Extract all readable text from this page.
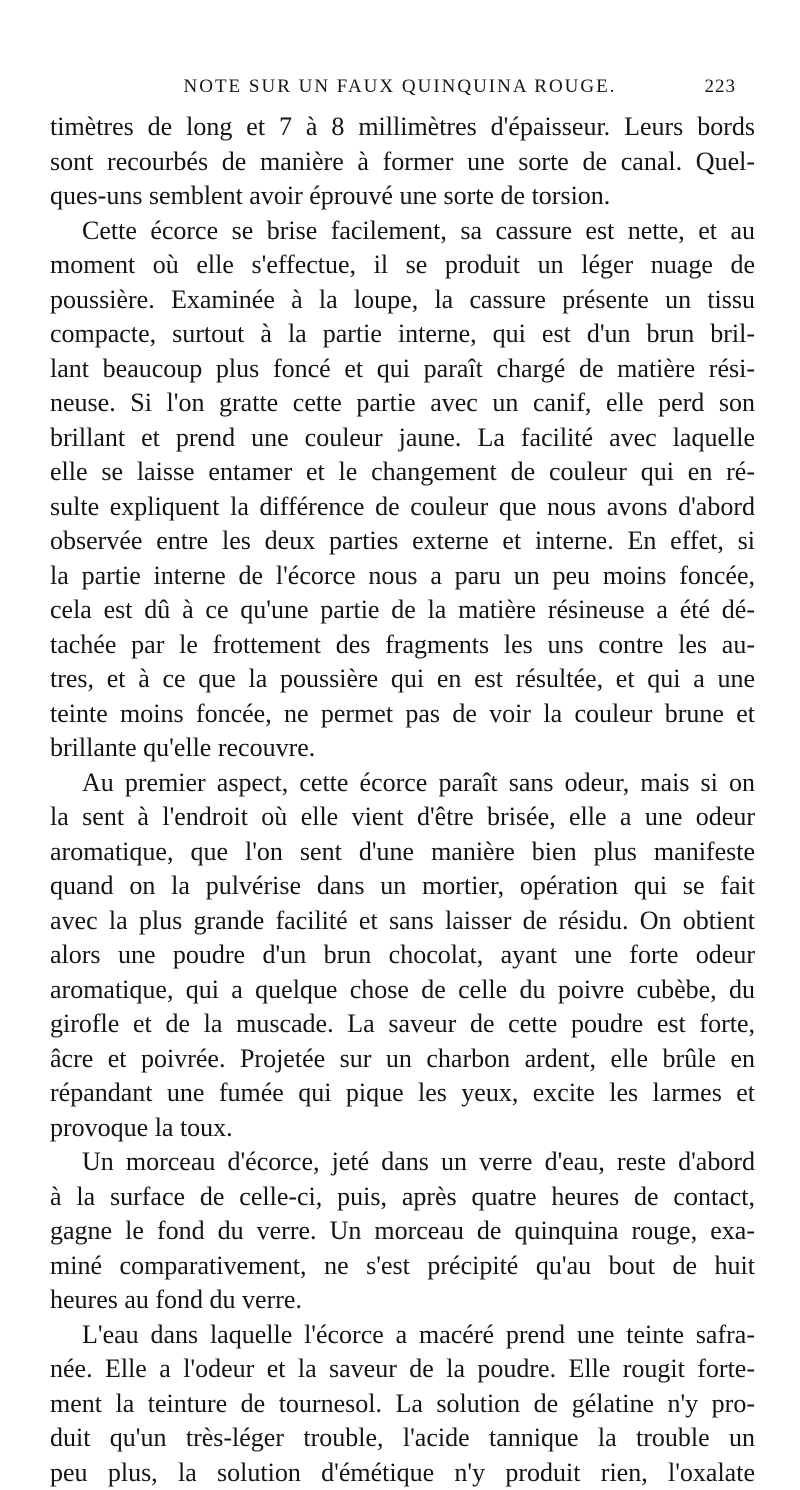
NOTE SUR UN FAUX QUINQUINA ROUGE.	223
timètres de long et 7 à 8 millimètres d'épaisseur. Leurs bords
sont recourbés de manière à former une sorte de canal. Quel-
ques-uns semblent avoir éprouvé une sorte de torsion.
Cette écorce se brise facilement, sa cassure est nette, et au
moment où elle s'effectue, il se produit un léger nuage de
poussière. Examinée à la loupe, la cassure présente un tissu
compacte, surtout à la partie interne, qui est d'un brun bril-
lant beaucoup plus foncé et qui paraît chargé de matière rési-
neuse. Si l'on gratte cette partie avec un canif, elle perd son
brillant et prend une couleur jaune. La facilité avec laquelle
elle se laisse entamer et le changement de couleur qui en ré-
sulte expliquent la différence de couleur que nous avons d'abord
observée entre les deux parties externe et interne. En effet, si
la partie interne de l'écorce nous a paru un peu moins foncée,
cela est dû à ce qu'une partie de la matière résineuse a été dé-
tachée par le frottement des fragments les uns contre les au-
tres, et à ce que la poussière qui en est résultée, et qui a une
teinte moins foncée, ne permet pas de voir la couleur brune et
brillante qu'elle recouvre.
Au premier aspect, cette écorce paraît sans odeur, mais si on
la sent à l'endroit où elle vient d'être brisée, elle a une odeur
aromatique, que l'on sent d'une manière bien plus manifeste
quand on la pulvérise dans un mortier, opération qui se fait
avec la plus grande facilité et sans laisser de résidu. On obtient
alors une poudre d'un brun chocolat, ayant une forte odeur
aromatique, qui a quelque chose de celle du poivre cubèbe, du
girofle et de la muscade. La saveur de cette poudre est forte,
âcre et poivrée. Projetée sur un charbon ardent, elle brûle en
répandant une fumée qui pique les yeux, excite les larmes et
provoque la toux.
Un morceau d'écorce, jeté dans un verre d'eau, reste d'abord
à la surface de celle-ci, puis, après quatre heures de contact,
gagne le fond du verre. Un morceau de quinquina rouge, exa-
miné comparativement, ne s'est précipité qu'au bout de huit
heures au fond du verre.
L'eau dans laquelle l'écorce a macéré prend une teinte safra-
née. Elle a l'odeur et la saveur de la poudre. Elle rougit forte-
ment la teinture de tournesol. La solution de gélatine n'y pro-
duit qu'un très-léger trouble, l'acide tannique la trouble un
peu plus, la solution d'émétique n'y produit rien, l'oxalate
